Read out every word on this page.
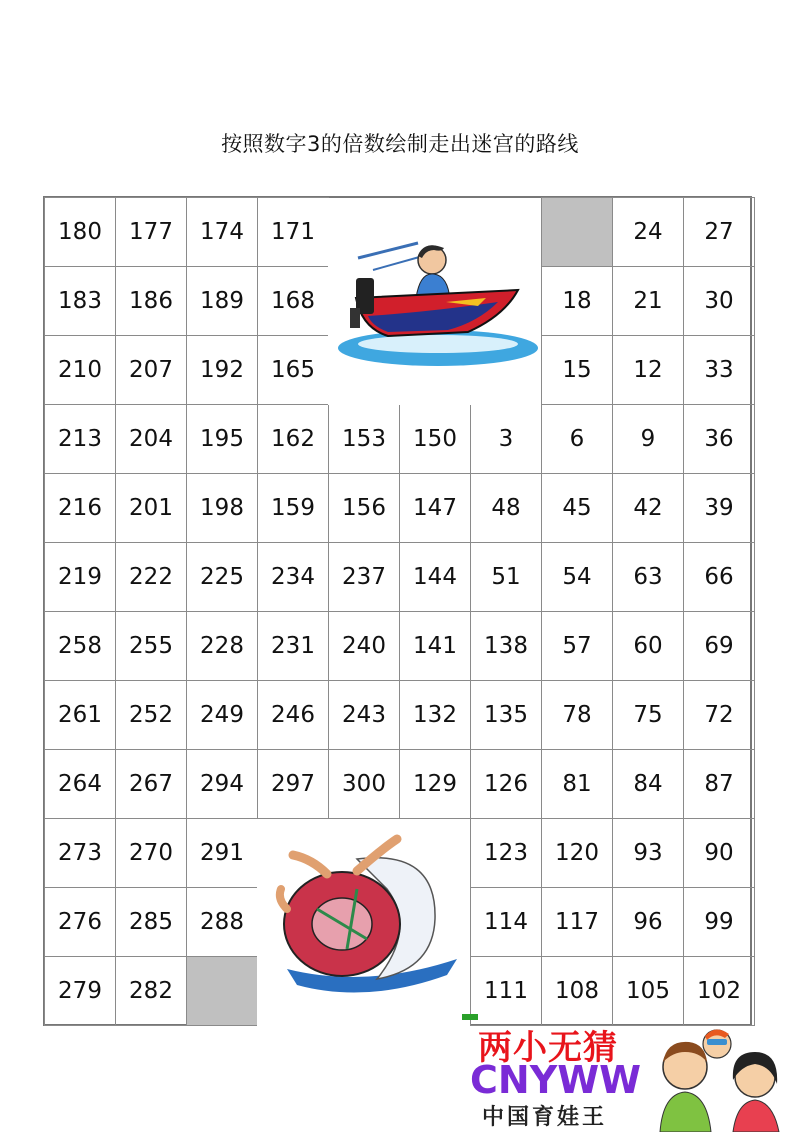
按照数字3的倍数绘制走出迷宫的路线
102
105
108
111
282
279
99
96
117
114
288
285
276
90
93
120
123
291
270
273
87
84
81
126
129
300
297
294
267
264
72
75
78
135
132
243
246
249
252
261
69
60
57
138
141
240
231
228
255
258
66
63
54
51
144
237
234
225
222
219
39
42
45
48
147
156
159
198
201
216
36
9
6
3
150
153
162
195
204
213
33
12
15
165
192
207
210
30
21
18
168
189
186
183
27
24
171
174
177
180
两小无猜
CNYWW
中国育娃王
